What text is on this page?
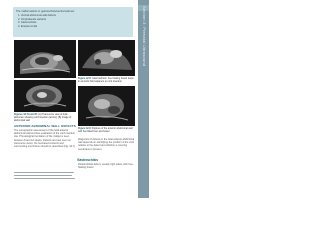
Section 3: Prenatal Ultrasound
The malformations in gastroschisis/ventral wall are:
1. Ventral abdominal wall defects
2. Omphalocele variants
3. Gastroschisis
4. Ectopia cordis
Figures 42.7A and B: (A) Transverse view of fetal abdomen showing cord insertion (arrow); (B) Image of abdominal wall
ANTERIOR ABDOMINAL WALL DEFECTS
The sonographic assessment of the fetal anterior abdominal wall involves evaluation of the cord insertion site. Physiological herniation of the midgut is seen between 8 and 12 weeks. Defects are best seen on transverse views; the herniated contents and surrounding membrane should be described (Fig. 42.7).
Figure 42.8: Gastroschisis: free floating bowel loops in amniotic fluid adjacent to cord insertion
Figure 42.9: Rupture of the anterior abdominal wall with herniated liver and bowel
Diagnosis of defects in the fetal anterior abdominal wall depends on identifying the position of the cord relative to the defect and whether a covering membrane is present.
Gastroschisis
Paraumbilical defect, usually right sided, with free-floating bowel.
